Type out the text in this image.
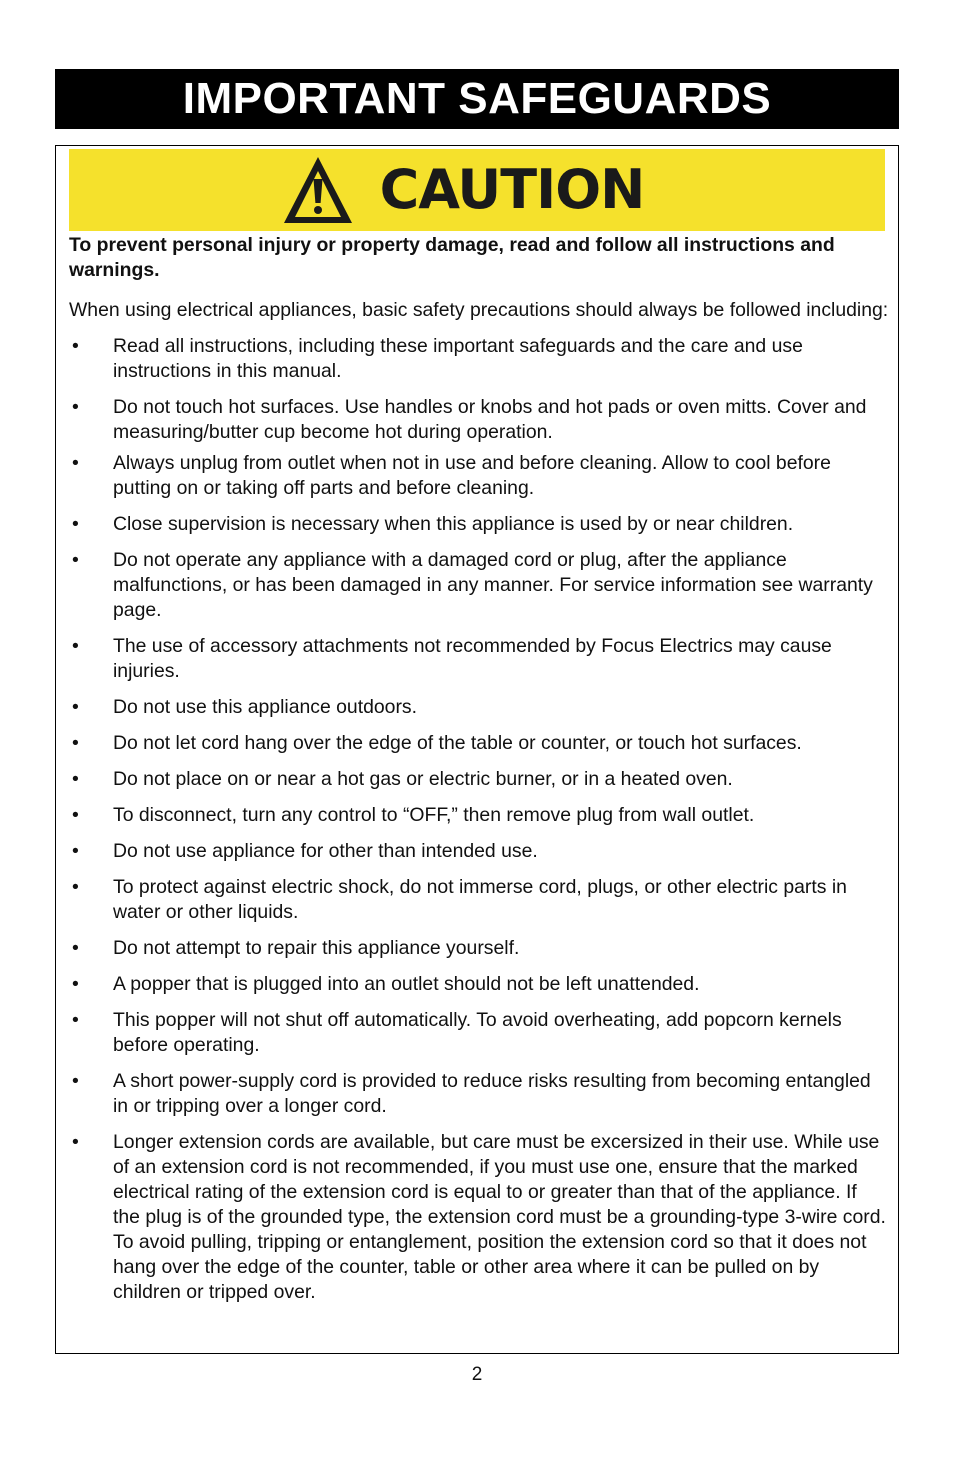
IMPORTANT SAFEGUARDS
CAUTION

To prevent personal injury or property damage, read and follow all instructions and warnings.

When using electrical appliances, basic safety precautions should always be followed including:

• Read all instructions, including these important safeguards and the care and use instructions in this manual.
• Do not touch hot surfaces. Use handles or knobs and hot pads or oven mitts. Cover and measuring/butter cup become hot during operation.
• Always unplug from outlet when not in use and before cleaning. Allow to cool before putting on or taking off parts and before cleaning.
• Close supervision is necessary when this appliance is used by or near children.
• Do not operate any appliance with a damaged cord or plug, after the appliance malfunctions, or has been damaged in any manner. For service information see warranty page.
• The use of accessory attachments not recommended by Focus Electrics may cause injuries.
• Do not use this appliance outdoors.
• Do not let cord hang over the edge of the table or counter, or touch hot surfaces.
• Do not place on or near a hot gas or electric burner, or in a heated oven.
• To disconnect, turn any control to “OFF,” then remove plug from wall outlet.
• Do not use appliance for other than intended use.
• To protect against electric shock, do not immerse cord, plugs, or other electric parts in water or other liquids.
• Do not attempt to repair this appliance yourself.
• A popper that is plugged into an outlet should not be left unattended.
• This popper will not shut off automatically. To avoid overheating, add popcorn kernels before operating.
• A short power-supply cord is provided to reduce risks resulting from becoming entangled in or tripping over a longer cord.
• Longer extension cords are available, but care must be excersized in their use. While use of an extension cord is not recommended, if you must use one, ensure that the marked electrical rating of the extension cord is equal to or greater than that of the appliance. If the plug is of the grounded type, the extension cord must be a grounding-type 3-wire cord. To avoid pulling, tripping or entanglement, position the extension cord so that it does not hang over the edge of the counter, table or other area where it can be pulled on by children or tripped over.
2
